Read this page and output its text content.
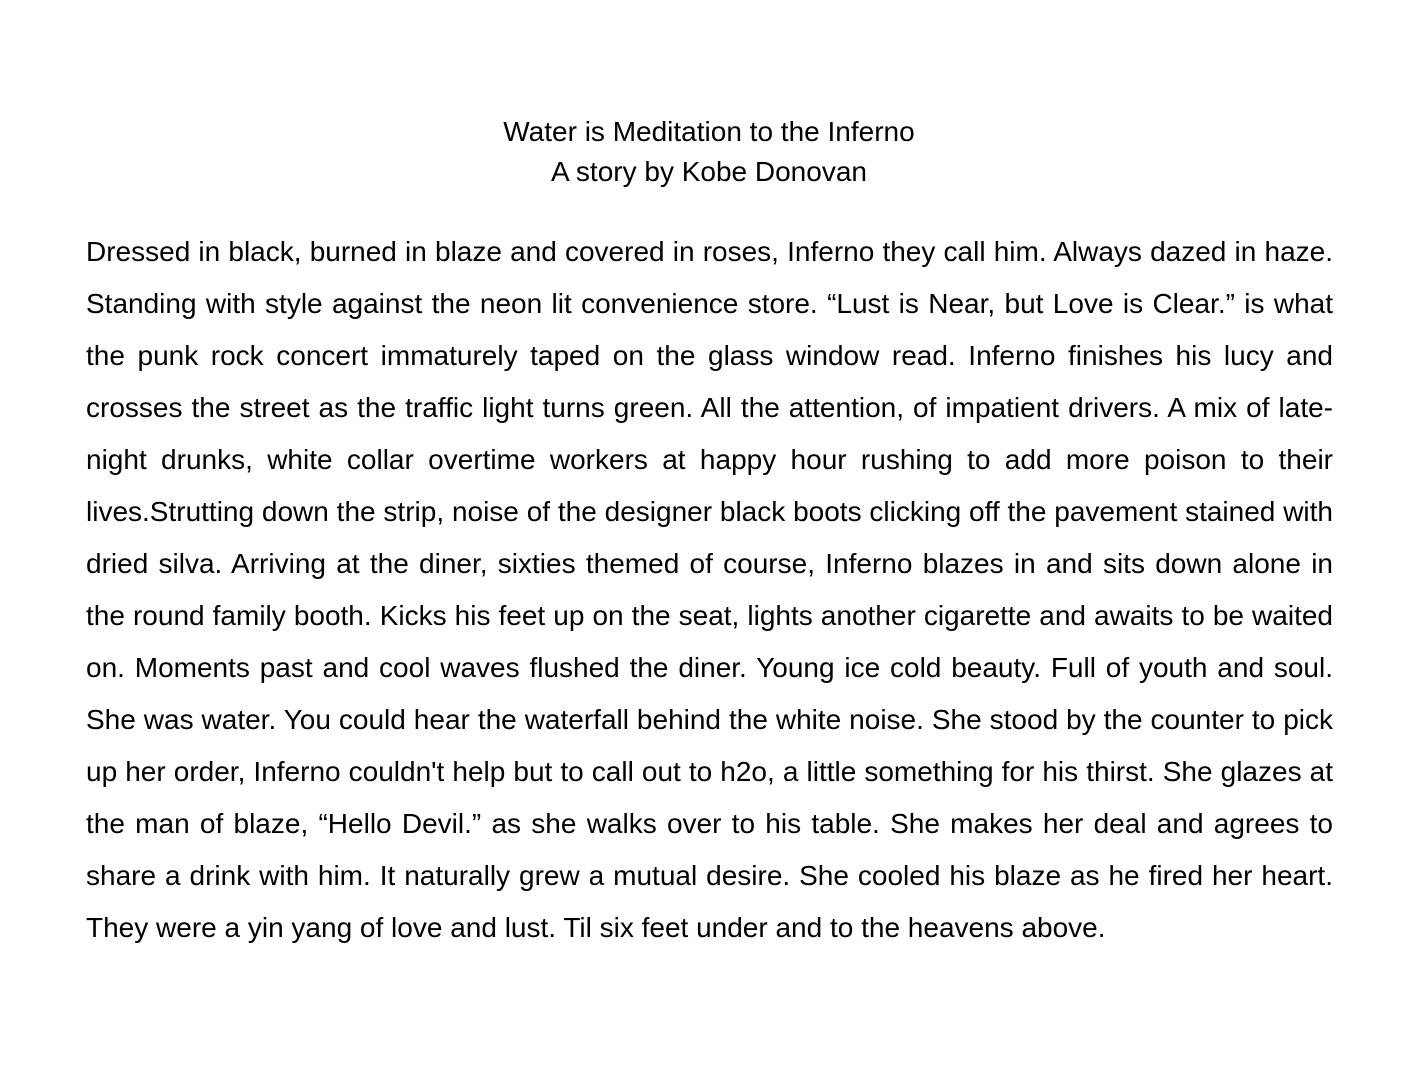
Water is Meditation to the Inferno

A story by Kobe Donovan

Dressed in black, burned in blaze and covered in roses, Inferno they call him. Always dazed in haze. Standing with style against the neon lit convenience store. “Lust is Near, but Love is Clear.” is what the punk rock concert immaturely taped on the glass window read. Inferno finishes his lucy and crosses the street as the traffic light turns green. All the attention, of impatient drivers. A mix of late-night drunks, white collar overtime workers at happy hour rushing to add more poison to their lives.Strutting down the strip, noise of the designer black boots clicking off the pavement stained with dried silva. Arriving at the diner, sixties themed of course, Inferno blazes in and sits down alone in the round family booth. Kicks his feet up on the seat, lights another cigarette and awaits to be waited on. Moments past and cool waves flushed the diner. Young ice cold beauty. Full of youth and soul. She was water. You could hear the waterfall behind the white noise. She stood by the counter to pick up her order, Inferno couldn't help but to call out to h2o, a little something for his thirst. She glazes at the man of blaze, “Hello Devil.” as she walks over to his table. She makes her deal and agrees to share a drink with him. It naturally grew a mutual desire. She cooled his blaze as he fired her heart. They were a yin yang of love and lust. Til six feet under and to the heavens above.
